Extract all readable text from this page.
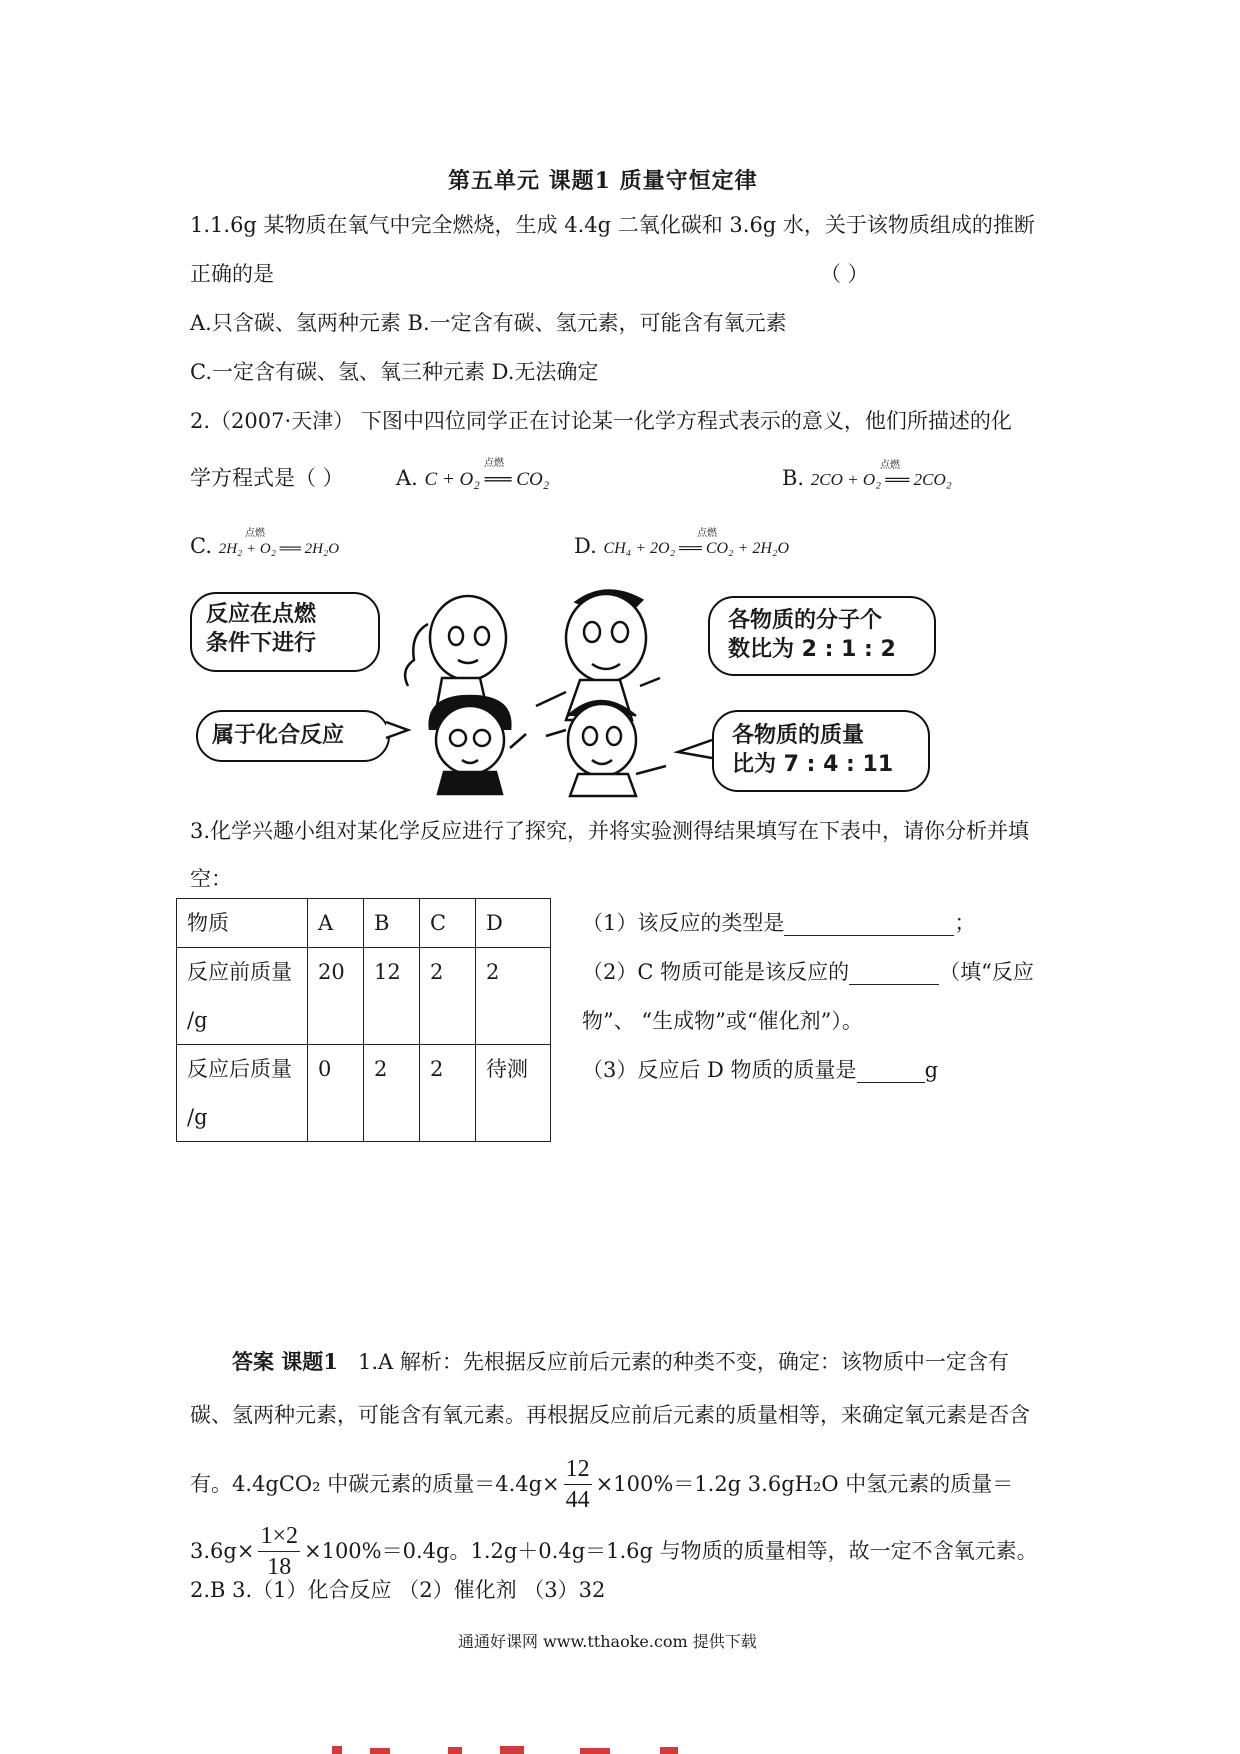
第五单元 课题1 质量守恒定律
1.1.6g 某物质在氧气中完全燃烧，生成 4.4g 二氧化碳和 3.6g 水，关于该物质组成的推断
正确的是	（ ）
A.只含碳、氢两种元素 B.一定含有碳、氢元素，可能含有氧元素
C.一定含有碳、氢、氧三种元素 D.无法确定
2.（2007·天津） 下图中四位同学正在讨论某一化学方程式表示的意义，他们所描述的化
学方程式是（ ） A. C + O₂ ══ CO₂
点燃
B. 2CO + O₂ ══ 2CO₂
点燃
C. 2H₂ + O₂ ══ 2H₂O
点燃
D. CH₄ + 2O₂ ══ CO₂ + 2H₂O
点燃
反应在点燃
条件下进行
各物质的分子个
数比为 2 : 1 : 2
属于化合反应	各物质的质量
比为 7 : 4 : 11
3.化学兴趣小组对某化学反应进行了探究，并将实验测得结果填写在下表中，请你分析并填
空：
物质	A	B	C	D

反应前质量
/g	20	12	2	2

反应后质量
/g	0	2	2	待测
（1）该反应的类型是	；
（2）C 物质可能是该反应的	（填“反应
物”、 “生成物”或“催化剂”）。
（3）反应后 D 物质的质量是	g
答案 课题1 1.A 解析：先根据反应前后元素的种类不变，确定：该物质中一定含有
碳、氢两种元素，可能含有氧元素。再根据反应前后元素的质量相等，来确定氧元素是否含
有。4.4gCO₂ 中碳元素的质量$=4.4g\times \frac{12}{44} \times 100\%=1.2g$ 3.6gH₂O 中氢元素的质量＝
$3.6g\times \frac{1\times 2}{18} \times 100\%=0.4g$。1.2g＋0.4g＝1.6g 与物质的质量相等，故一定不含氧元素。
2.B 3.（1）化合反应 （2）催化剂 （3）32
通通好课网 www.tthaoke.com 提供下载
